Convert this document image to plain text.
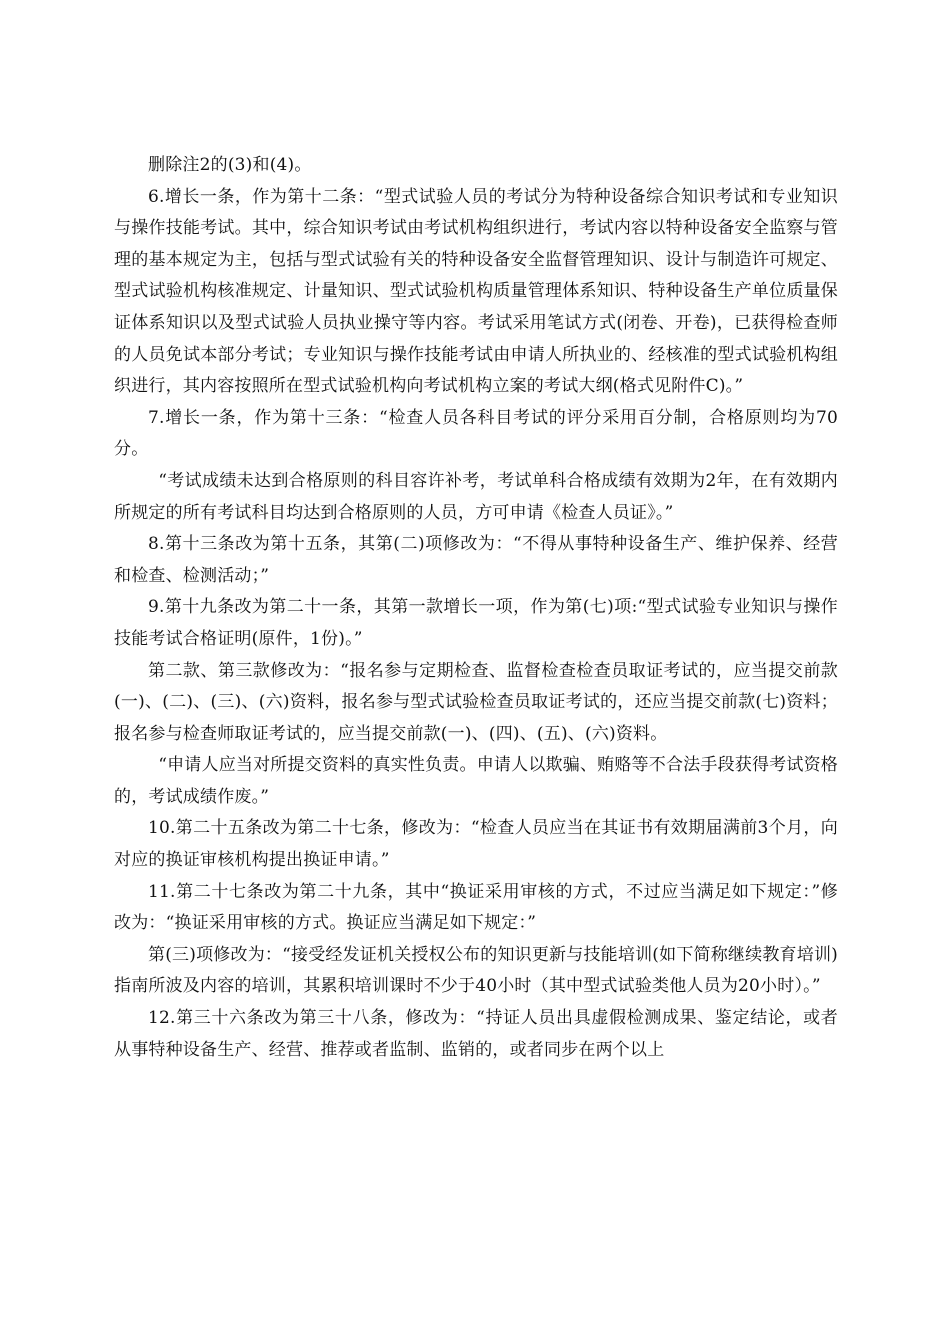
删除注2的(3)和(4)。

6.增长一条，作为第十二条：“型式试验人员的考试分为特种设备综合知识考试和专业知识与操作技能考试。其中，综合知识考试由考试机构组织进行，考试内容以特种设备安全监察与管理的基本规定为主，包括与型式试验有关的特种设备安全监督管理知识、设计与制造许可规定、型式试验机构核准规定、计量知识、型式试验机构质量管理体系知识、特种设备生产单位质量保证体系知识以及型式试验人员执业操守等内容。考试采用笔试方式(闭卷、开卷)，已获得检查师的人员免试本部分考试；专业知识与操作技能考试由申请人所执业的、经核准的型式试验机构组织进行，其内容按照所在型式试验机构向考试机构立案的考试大纲(格式见附件C)。”

7.增长一条，作为第十三条：“检查人员各科目考试的评分采用百分制，合格原则均为70分。

“考试成绩未达到合格原则的科目容许补考，考试单科合格成绩有效期为2年，在有效期内所规定的所有考试科目均达到合格原则的人员，方可申请《检查人员证》。”

8.第十三条改为第十五条，其第(二)项修改为：“不得从事特种设备生产、维护保养、经营和检查、检测活动；”

9.第十九条改为第二十一条，其第一款增长一项，作为第(七)项:“型式试验专业知识与操作技能考试合格证明(原件，1份)。”

第二款、第三款修改为：“报名参与定期检查、监督检查检查员取证考试的，应当提交前款(一)、(二)、(三)、(六)资料，报名参与型式试验检查员取证考试的，还应当提交前款(七)资料；报名参与检查师取证考试的，应当提交前款(一)、(四)、(五)、(六)资料。

“申请人应当对所提交资料的真实性负责。申请人以欺骗、贿赂等不合法手段获得考试资格的，考试成绩作废。”

10.第二十五条改为第二十七条，修改为：“检查人员应当在其证书有效期届满前3个月，向对应的换证审核机构提出换证申请。”

11.第二十七条改为第二十九条，其中“换证采用审核的方式，不过应当满足如下规定：”修改为：“换证采用审核的方式。换证应当满足如下规定：”

第(三)项修改为：“接受经发证机关授权公布的知识更新与技能培训(如下简称继续教育培训)指南所波及内容的培训，其累积培训课时不少于40小时（其中型式试验类他人员为20小时）。”

12.第三十六条改为第三十八条，修改为：“持证人员出具虚假检测成果、鉴定结论，或者从事特种设备生产、经营、推荐或者监制、监销的，或者同步在两个以上
